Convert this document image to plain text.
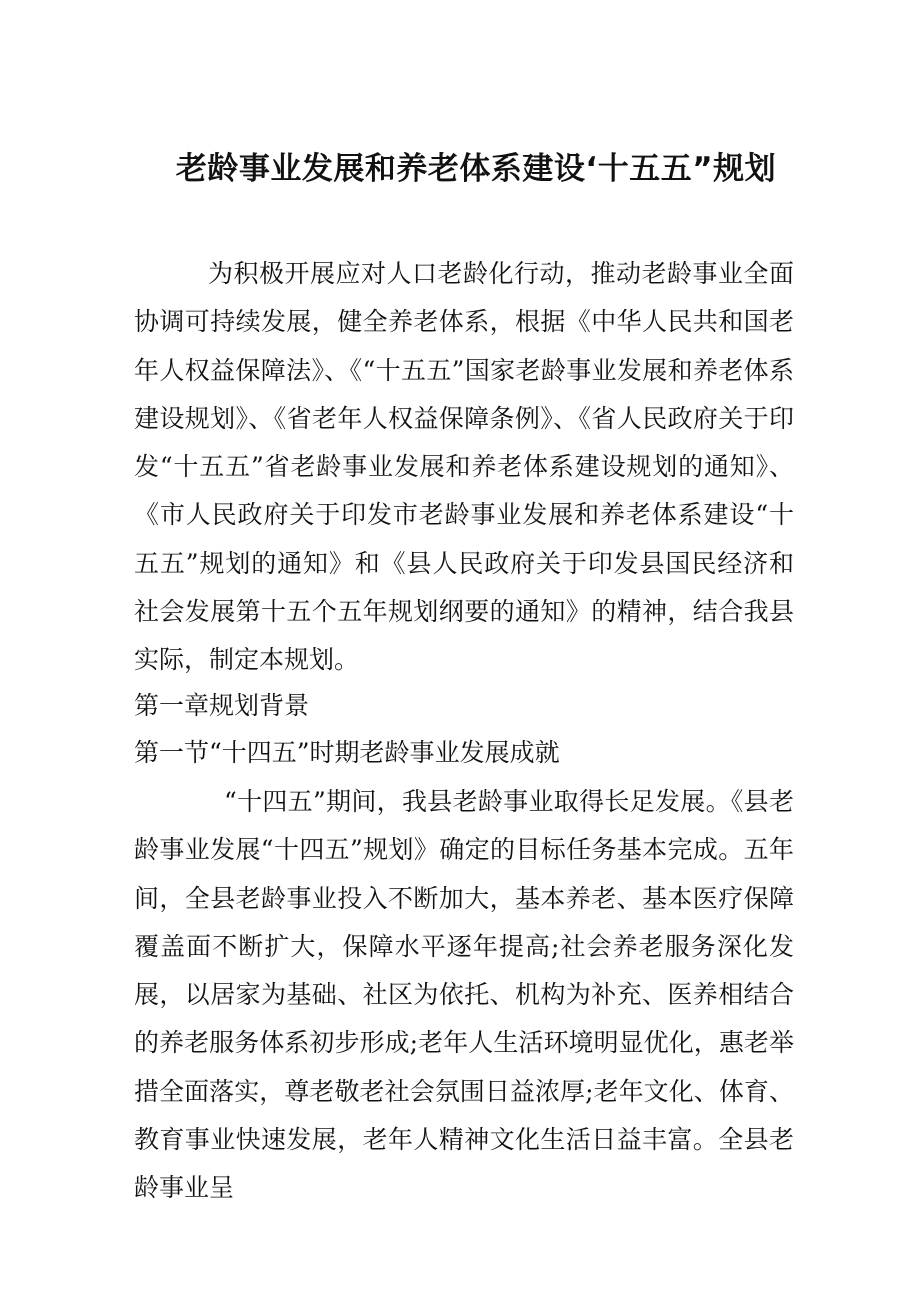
老龄事业发展和养老体系建设‘十五五”规划

为积极开展应对人口老龄化行动，推动老龄事业全面协调可持续发展，健全养老体系，根据《中华人民共和国老年人权益保障法》、《“十五五”国家老龄事业发展和养老体系建设规划》、《省老年人权益保障条例》、《省人民政府关于印发“十五五”省老龄事业发展和养老体系建设规划的通知》、《市人民政府关于印发市老龄事业发展和养老体系建设“十五五”规划的通知》和《县人民政府关于印发县国民经济和社会发展第十五个五年规划纲要的通知》的精神，结合我县实际，制定本规划。

第一章规划背景

第一节“十四五”时期老龄事业发展成就

“十四五”期间，我县老龄事业取得长足发展。《县老龄事业发展“十四五”规划》确定的目标任务基本完成。五年间，全县老龄事业投入不断加大，基本养老、基本医疗保障覆盖面不断扩大，保障水平逐年提高;社会养老服务深化发展，以居家为基础、社区为依托、机构为补充、医养相结合的养老服务体系初步形成;老年人生活环境明显优化，惠老举措全面落实，尊老敬老社会氛围日益浓厚;老年文化、体育、教育事业快速发展，老年人精神文化生活日益丰富。全县老龄事业呈
